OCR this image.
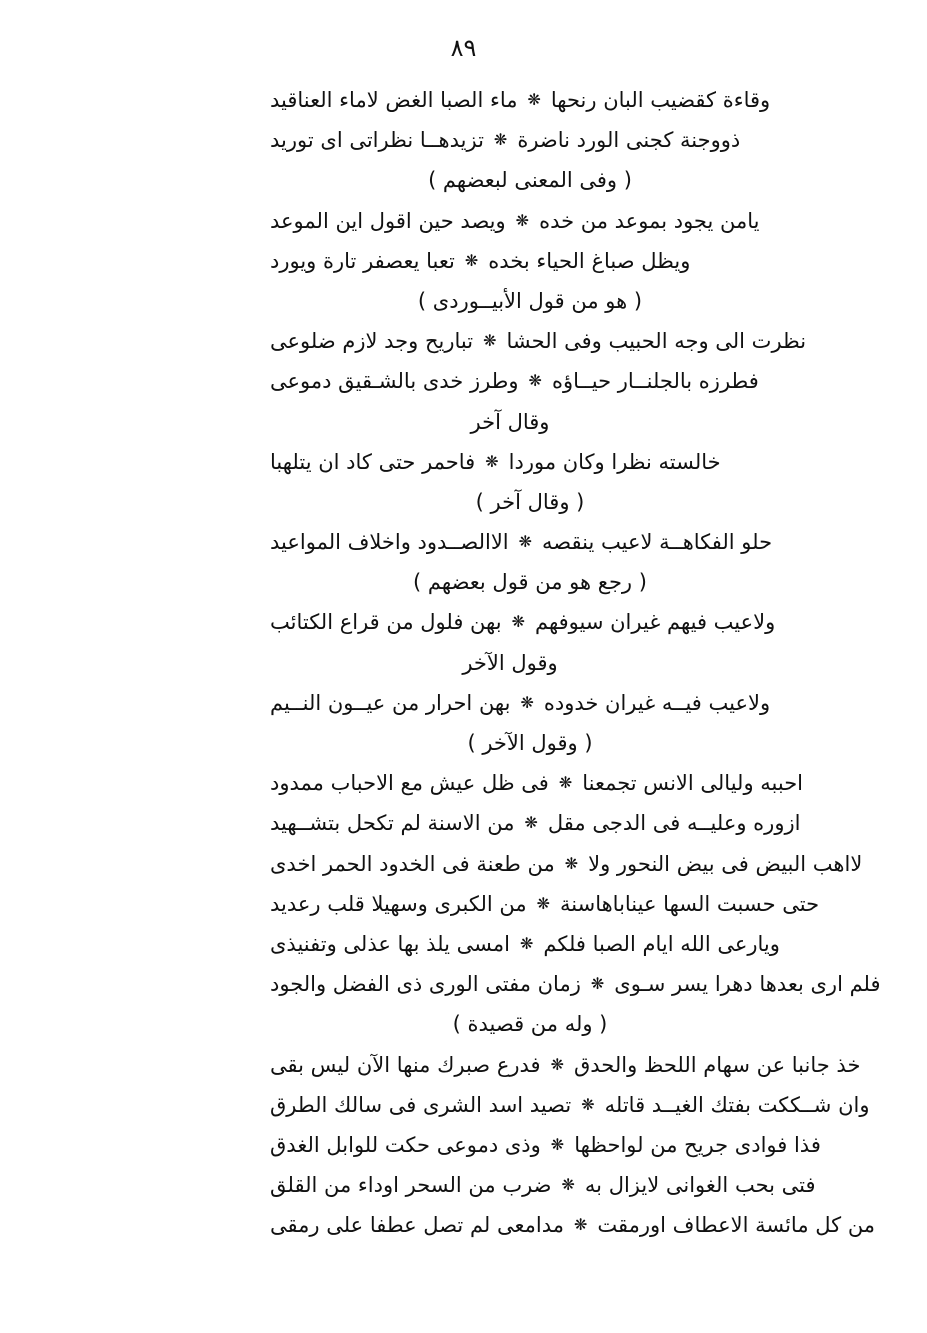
٨٩
وقاءة كقضيب البان رنحها
❋
ماء الصبا الغض لاماء العناقيد
ذووجنة كجنى الورد ناضرة
❋
تزيدهــا نظراتى اى توريد
( وفى المعنى لبعضهم )
يامن يجود بموعد من خده
❋
ويصد حين اقول اين الموعد
ويظل صباغ الحياء بخده
❋
تعبا يعصفر تارة ويورد
( هو من قول الأبيــوردى )
نظرت الى وجه الحبيب وفى الحشا
❋
تباريح وجد لازم ضلوعى
فطرزه بالجلنــار حيــاؤه
❋
وطرز خدى بالشـقيق دموعى
وقال آخر
خالسته نظرا وكان موردا
❋
فاحمر حتى كاد ان يتلهبا
( وقال آخر )
حلو الفكاهــة لاعيب ينقصه
❋
الاالصــدود واخلاف المواعيد
( رجع هو من قول بعضهم )
ولاعيب فيهم غيران سيوفهم
❋
بهن فلول من قراع الكتائب
وقول الآخر
ولاعيب فيــه غيران خدوده
❋
بهن احرار من عيــون النــيم
( وقول الآخر )
احببه وليالى الانس تجمعنا
❋
فى ظل عيش مع الاحباب ممدود
ازوره وعليــه فى الدجى مقل
❋
من الاسنة لم تكحل بتشــهيد
لااهب البيض فى بيض النحور ولا
❋
من طعنة فى الخدود الحمر اخدى
حتى حسبت السها عيناباهاسنة
❋
من الكبرى وسهيلا قلب رعديد
ويارعى الله ايام الصبا فلكم
❋
امسى يلذ بها عذلى وتفنيذى
فلم ارى بعدها دهرا يسر سـوى
❋
زمان مفتى الورى ذى الفضل والجود
( وله من قصيدة )
خذ جانبا عن سهام اللحظ والحدق
❋
فدرع صبرك منها الآن ليس بقى
وان شــككت بفتك الغيــد قاتله
❋
تصيد اسد الشرى فى سالك الطرق
فذا فوادى جريح من لواحظها
❋
وذى دموعى حكت للوابل الغدق
فتى بحب الغوانى لايزال به
❋
ضرب من السحر اوداء من القلق
من كل مائسة الاعطاف اورمقت
❋
مدامعى لم تصل عطفا على رمقى
